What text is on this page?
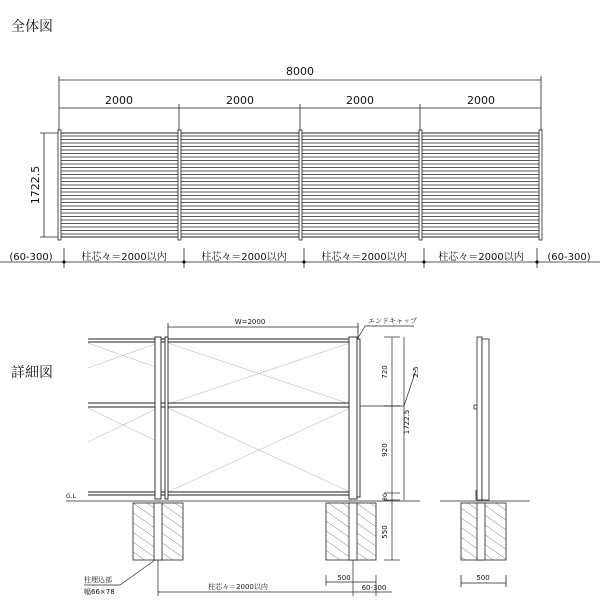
全体図
詳細図
8000
2000	2000	2000	2000
1722.5
(60-300)	(60-300)
柱芯々＝2000以内	柱芯々＝2000以内	柱芯々＝2000以内	柱芯々＝2000以内
W=2000	エンドキャップ
720
920
1722.5
2.5
80
550
G.L
柱埋込部
幅66×78
柱芯々＝2000以内
500
60-300
500
